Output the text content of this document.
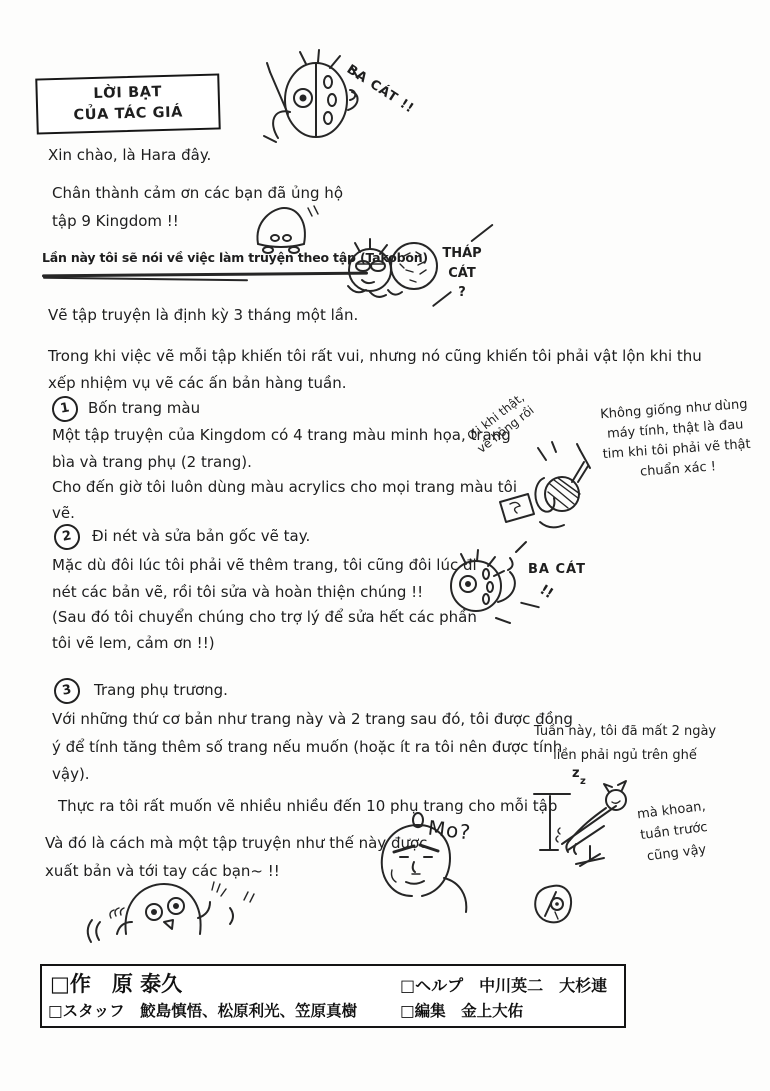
LỜI BẠT
CỦA TÁC GIÁ	BA CÁT !!
Xin chào, là Hara đây.
Chân thành cảm ơn các bạn đã ủng hộ
tập 9 Kingdom !!
Lần này tôi sẽ nói về việc làm truyện theo tập (Takobon)	THÁP
CÁT
?
Vẽ tập truyện là định kỳ 3 tháng một lần.
Trong khi việc vẽ mỗi tập khiến tôi rất vui, nhưng nó cũng khiến tôi phải vật lộn khi thu
xếp nhiệm vụ vẽ các ấn bản hàng tuần.
1	Bốn trang màu
Một tập truyện của Kingdom có 4 trang màu minh họa, trang
bìa và trang phụ (2 trang).
Cho đến giờ tôi luôn dùng màu acrylics cho mọi trang màu tôi
vẽ.
Ơi khi thật, vẽ hỏng rồi	Không giống như dùng máy tính, thật là đau tim khi tôi phải vẽ thật chuẩn xác !
2	Đi nét và sửa bản gốc vẽ tay.
Mặc dù đôi lúc tôi phải vẽ thêm trang, tôi cũng đôi lúc đi
nét các bản vẽ, rồi tôi sửa và hoàn thiện chúng !!
(Sau đó tôi chuyển chúng cho trợ lý để sửa hết các phần
tôi vẽ lem, cảm ơn !!)
BA CÁT
!!
3	Trang phụ trương.
Với những thứ cơ bản như trang này và 2 trang sau đó, tôi được đồng
ý để tính tăng thêm số trang nếu muốn (hoặc ít ra tôi nên được tính
vậy).
Thực ra tôi rất muốn vẽ nhiều nhiều đến 10 phụ trang cho mỗi tập
Tuần này, tôi đã mất 2 ngày
liền phải ngủ trên ghế
z
z
mà khoan,
tuần trước
cũng vậy
Và đó là cách mà một tập truyện như thế này được
xuất bản và tới tay các bạn~ !!
Mo?
□作　原 泰久	□ヘルプ　中川英二　大杉連
□スタッフ　鮫島慎悟、松原利光、笠原真樹	□編集　金上大佑
